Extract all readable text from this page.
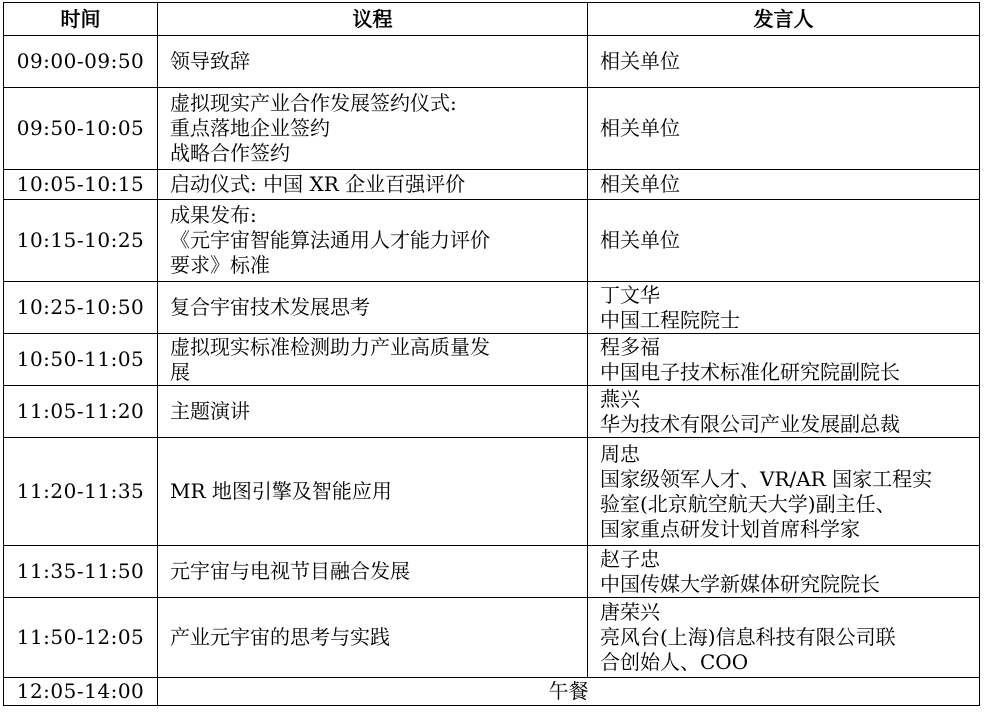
时间	议程	发言人
09:00-09:50	领导致辞	相关单位

09:50-10:05	虚拟现实产业合作发展签约仪式:
重点落地企业签约
战略合作签约	相关单位

10:05-10:15	启动仪式: 中国 XR 企业百强评价	相关单位

10:15-10:25	成果发布:
《元宇宙智能算法通用人才能力评价
要求》标准	相关单位

10:25-10:50	复合宇宙技术发展思考	丁文华
中国工程院院士

10:50-11:05	虚拟现实标准检测助力产业高质量发
展	程多福
中国电子技术标准化研究院副院长

11:05-11:20	主题演讲	燕兴
华为技术有限公司产业发展副总裁

11:20-11:35	MR 地图引擎及智能应用	周忠
国家级领军人才、VR/AR 国家工程实
验室(北京航空航天大学)副主任、
国家重点研发计划首席科学家

11:35-11:50	元宇宙与电视节目融合发展	赵子忠
中国传媒大学新媒体研究院院长

11:50-12:05	产业元宇宙的思考与实践	唐荣兴
亮风台(上海)信息科技有限公司联
合创始人、COO

12:05-14:00	午餐	
